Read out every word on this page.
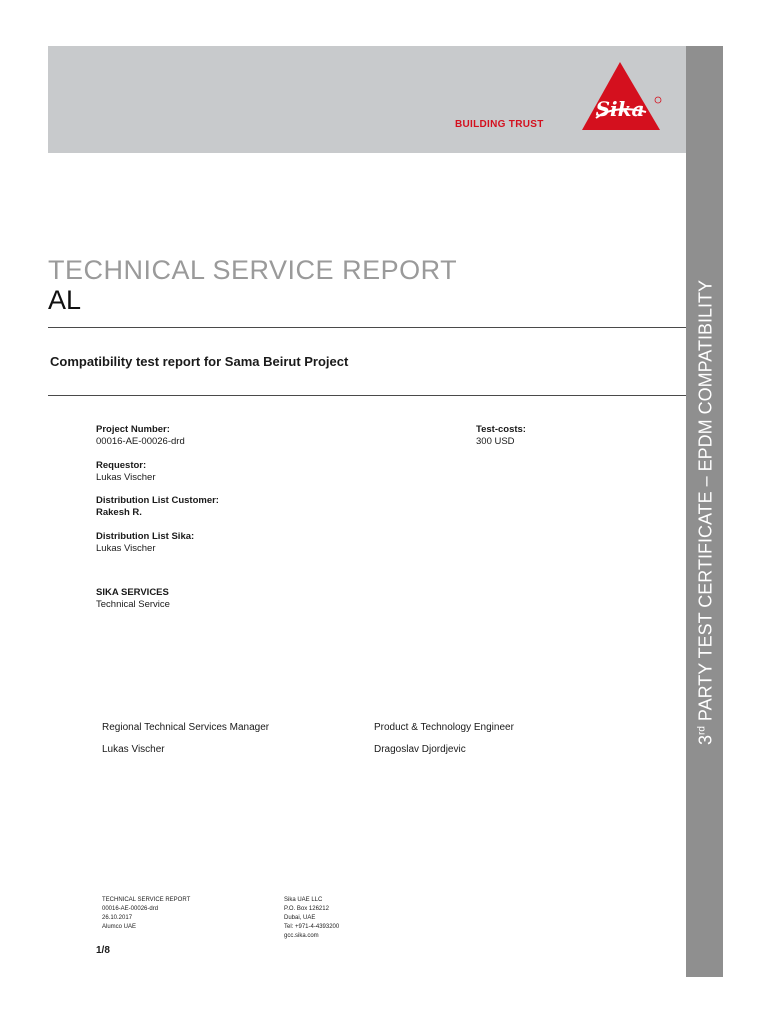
BUILDING TRUST
Sika
3rd PARTY TEST CERTIFICATE – EPDM COMPATIBILITY
TECHNICAL SERVICE REPORT
AL
Compatibility test report for Sama Beirut Project
Project Number:
00016-AE-00026-drd
Requestor:
Lukas Vischer
Distribution List Customer:
Rakesh R.
Distribution List Sika:
Lukas Vischer
Test-costs:
300 USD
SIKA SERVICES
Technical Service
Regional Technical Services Manager
Lukas Vischer
Product & Technology Engineer
Dragoslav Djordjevic
TECHNICAL SERVICE REPORT
00016-AE-00026-drd
26.10.2017
Alumco UAE
Sika UAE LLC
P.O. Box 126212
Dubai, UAE
Tel: +971-4-4393200
gcc.sika.com
1/8
